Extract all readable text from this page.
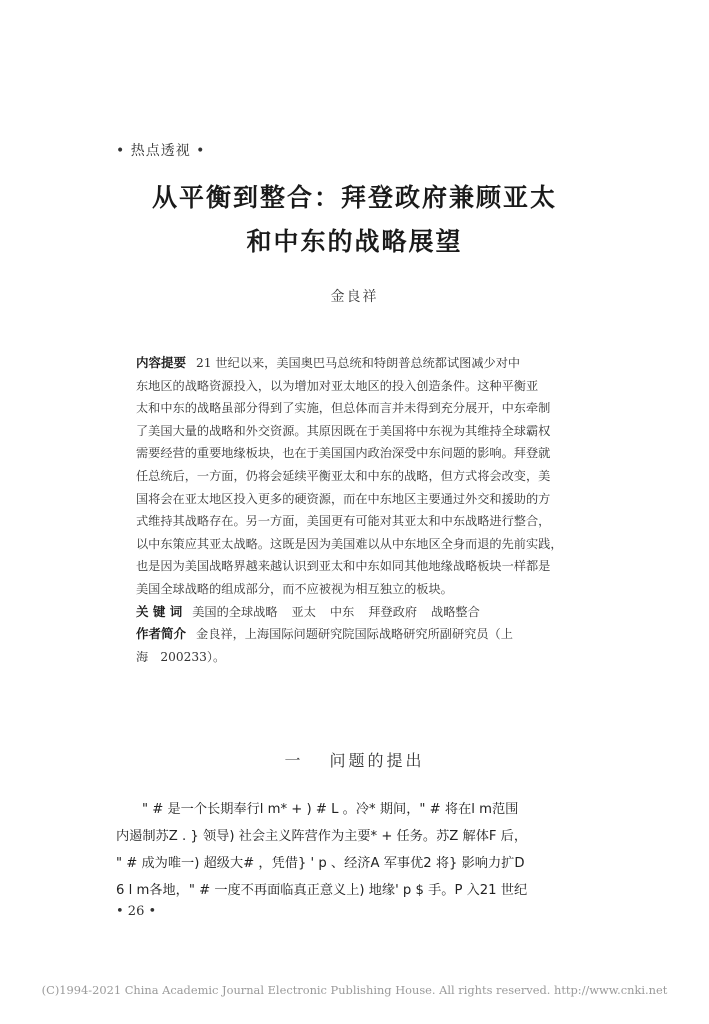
• 热点透视 •
从平衡到整合：拜登政府兼顾亚太
和中东的战略展望
金良祥

内容提要 21 世纪以来，美国奥巴马总统和特朗普总统都试图减少对中

东地区的战略资源投入，以为增加对亚太地区的投入创造条件。这种平衡亚

太和中东的战略虽部分得到了实施，但总体而言并未得到充分展开，中东牵制

了美国大量的战略和外交资源。其原因既在于美国将中东视为其维持全球霸权

需要经营的重要地缘板块，也在于美国国内政治深受中东问题的影响。拜登就

任总统后，一方面，仍将会延续平衡亚太和中东的战略，但方式将会改变，美

国将会在亚太地区投入更多的硬资源，而在中东地区主要通过外交和援助的方

式维持其战略存在。另一方面，美国更有可能对其亚太和中东战略进行整合，

以中东策应其亚太战略。这既是因为美国难以从中东地区全身而退的先前实践，

也是因为美国战略界越来越认识到亚太和中东如同其他地缘战略板块一样都是

美国全球战略的组成部分，而不应被视为相互独立的板块。

关 键 词 美国的全球战略 亚太 中东 拜登政府 战略整合

作者简介 金良祥，上海国际问题研究院国际战略研究所副研究员（上

海　200233）。

一 问题的提出

" # 是一个长期奉行l m* + ) # L 。冷* 期间，" # 将在l m范围

内遏制苏Z . } 领导) 社会主义阵营作为主要* + 任务。苏Z 解体F 后，

" # 成为唯一) 超级大# ，凭借} ' p 、经济A 军事优2 将} 影响力扩D

6 l m各地，" # 一度不再面临真正意义上) 地缘' p $ 手。P 入21 世纪

• 26 •
(C)1994-2021 China Academic Journal Electronic Publishing House. All rights reserved. http://www.cnki.net
